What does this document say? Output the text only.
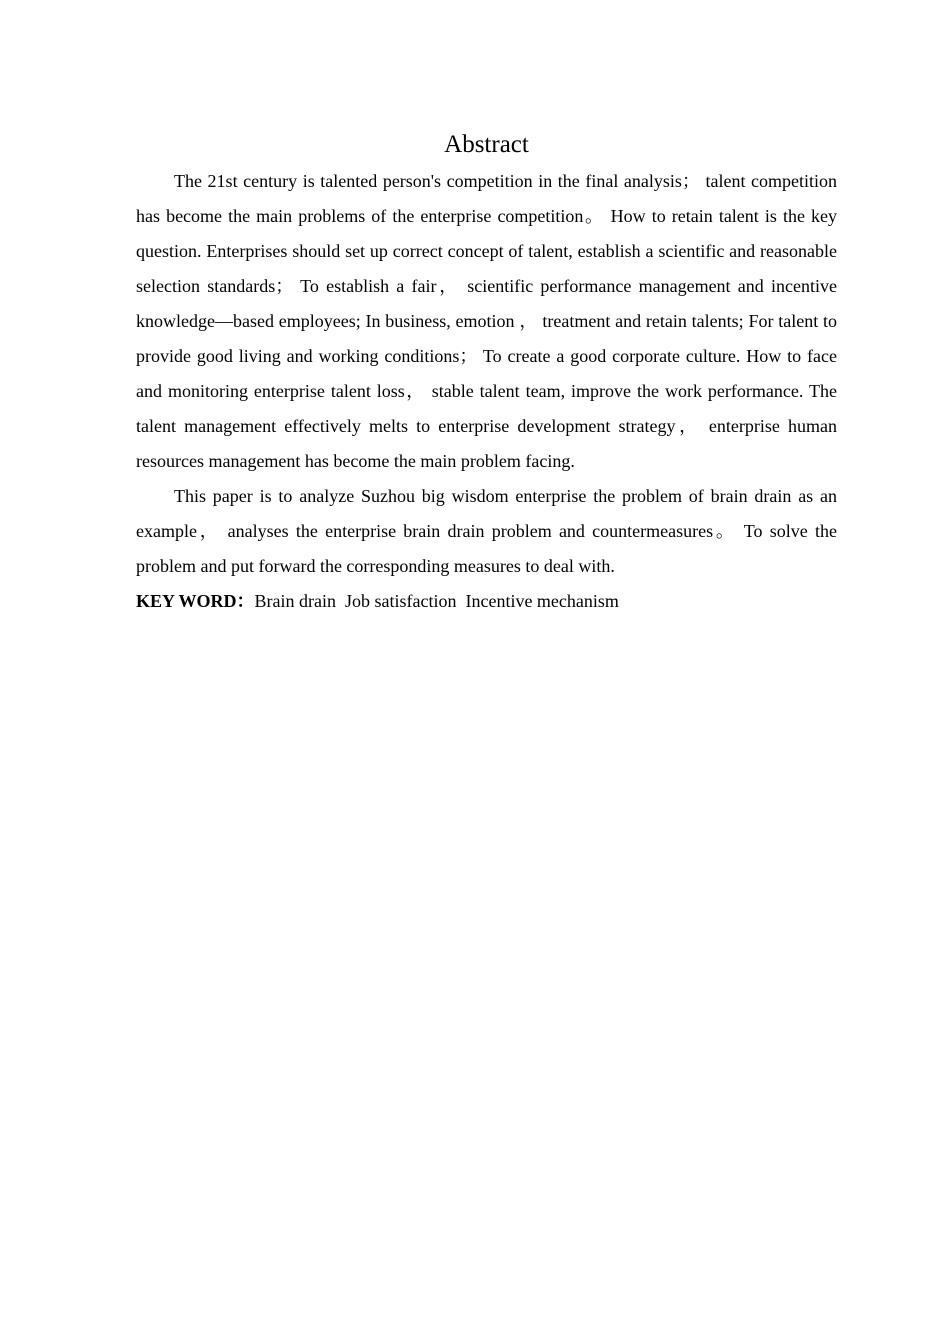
Abstract

The 21st century is talented person's competition in the final analysis； talent competition has become the main problems of the enterprise competition。 How to retain talent is the key question. Enterprises should set up correct concept of talent, establish a scientific and reasonable selection standards； To establish a fair， scientific performance management and incentive knowledge—based employees; In business, emotion ， treatment and retain talents; For talent to provide good living and working conditions； To create a good corporate culture. How to face and monitoring enterprise talent loss， stable talent team, improve the work performance. The talent management effectively melts to enterprise development strategy， enterprise human resources management has become the main problem facing.

This paper is to analyze Suzhou big wisdom enterprise the problem of brain drain as an example， analyses the enterprise brain drain problem and countermeasures。 To solve the problem and put forward the corresponding measures to deal with.

KEY WORD：Brain drain  Job satisfaction  Incentive mechanism
